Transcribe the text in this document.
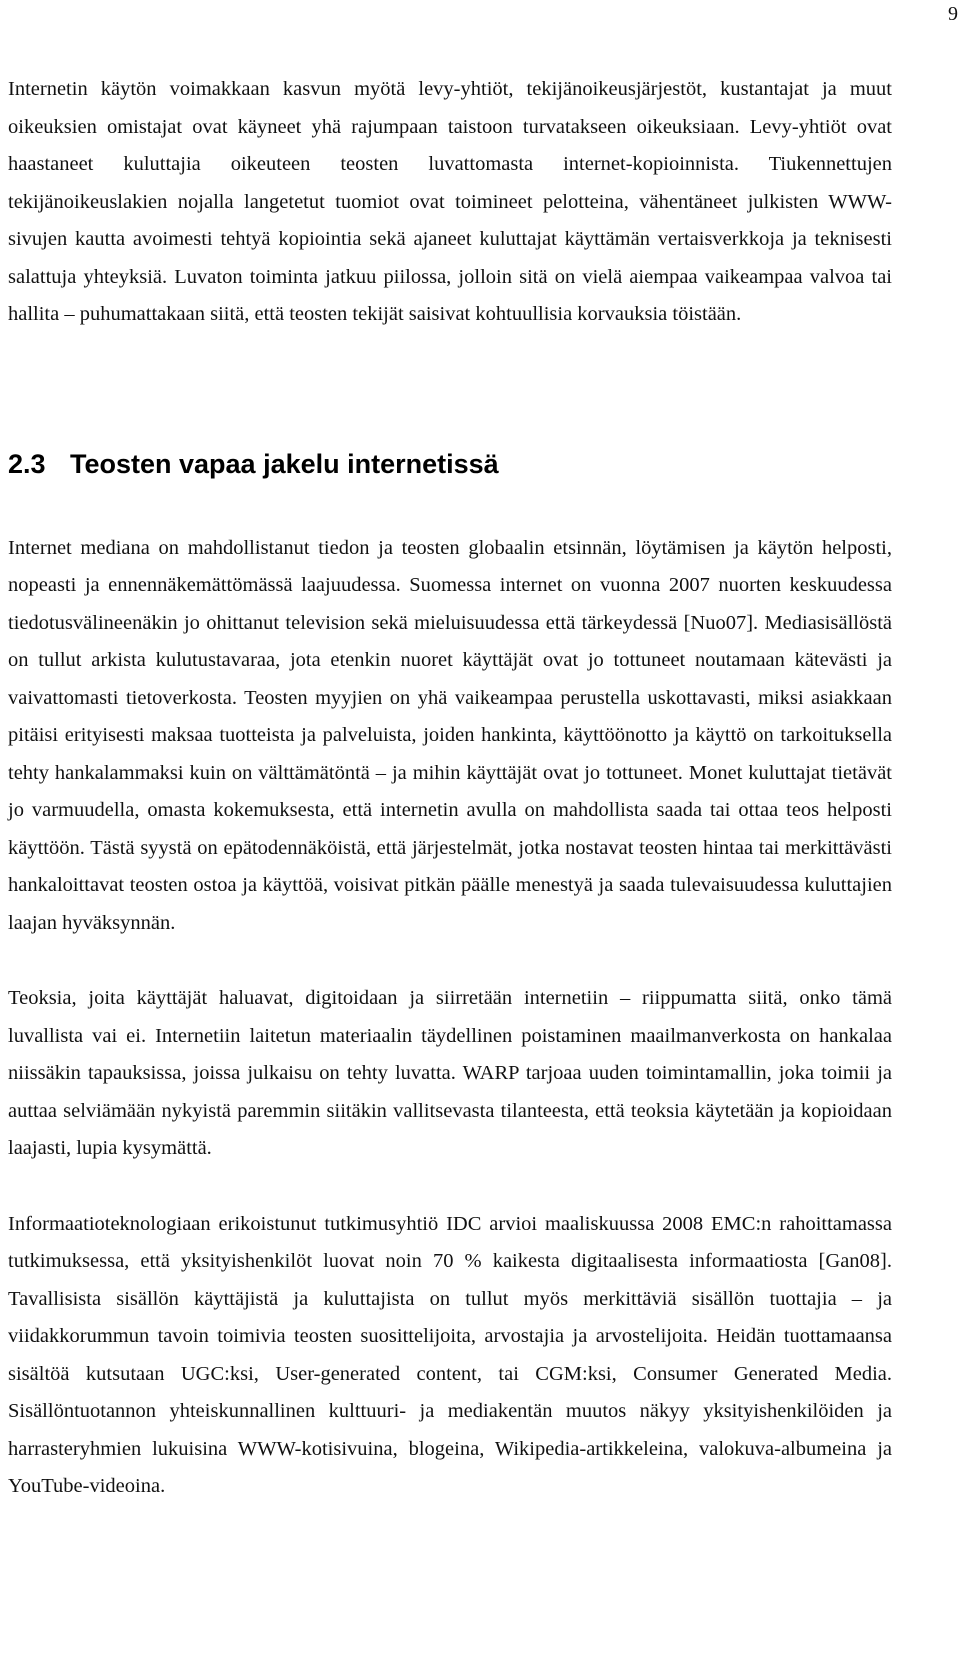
9

Internetin käytön voimakkaan kasvun myötä levy-yhtiöt, tekijänoikeusjärjestöt, kustantajat ja muut oikeuksien omistajat ovat käyneet yhä rajumpaan taistoon turvatakseen oikeuksiaan. Levy-yhtiöt ovat haastaneet kuluttajia oikeuteen teosten luvattomasta internet-kopioinnista. Tiukennettujen tekijänoikeuslakien nojalla langetetut tuomiot ovat toimineet pelotteina, vähentäneet julkisten WWW-sivujen kautta avoimesti tehtyä kopiointia sekä ajaneet kuluttajat käyttämän vertaisverkkoja ja teknisesti salattuja yhteyksiä. Luvaton toiminta jatkuu piilossa, jolloin sitä on vielä aiempaa vaikeampaa valvoa tai hallita – puhumattakaan siitä, että teosten tekijät saisivat kohtuullisia korvauksia töistään.

2.3 Teosten vapaa jakelu internetissä

Internet mediana on mahdollistanut tiedon ja teosten globaalin etsinnän, löytämisen ja käytön helposti, nopeasti ja ennennäkemättömässä laajuudessa. Suomessa internet on vuonna 2007 nuorten keskuudessa tiedotusvälineenäkin jo ohittanut television sekä mieluisuudessa että tärkeydessä [Nuo07]. Mediasisällöstä on tullut arkista kulutustavaraa, jota etenkin nuoret käyttäjät ovat jo tottuneet noutamaan kätevästi ja vaivattomasti tietoverkosta. Teosten myyjien on yhä vaikeampaa perustella uskottavasti, miksi asiakkaan pitäisi erityisesti maksaa tuotteista ja palveluista, joiden hankinta, käyttöönotto ja käyttö on tarkoituksella tehty hankalammaksi kuin on välttämätöntä – ja mihin käyttäjät ovat jo tottuneet. Monet kuluttajat tietävät jo varmuudella, omasta kokemuksesta, että internetin avulla on mahdollista saada tai ottaa teos helposti käyttöön. Tästä syystä on epätodennäköistä, että järjestelmät, jotka nostavat teosten hintaa tai merkittävästi hankaloittavat teosten ostoa ja käyttöä, voisivat pitkän päälle menestyä ja saada tulevaisuudessa kuluttajien laajan hyväksynnän.

Teoksia, joita käyttäjät haluavat, digitoidaan ja siirretään internetiin – riippumatta siitä, onko tämä luvallista vai ei. Internetiin laitetun materiaalin täydellinen poistaminen maailmanverkosta on hankalaa niissäkin tapauksissa, joissa julkaisu on tehty luvatta. WARP tarjoaa uuden toimintamallin, joka toimii ja auttaa selviämään nykyistä paremmin siitäkin vallitsevasta tilanteesta, että teoksia käytetään ja kopioidaan laajasti, lupia kysymättä.

Informaatioteknologiaan erikoistunut tutkimusyhtiö IDC arvioi maaliskuussa 2008 EMC:n rahoittamassa tutkimuksessa, että yksityishenkilöt luovat noin 70 % kaikesta digitaalisesta informaatiosta [Gan08]. Tavallisista sisällön käyttäjistä ja kuluttajista on tullut myös merkittäviä sisällön tuottajia – ja viidakkorummun tavoin toimivia teosten suosittelijoita, arvostajia ja arvostelijoita. Heidän tuottamaansa sisältöä kutsutaan UGC:ksi, User-generated content, tai CGM:ksi, Consumer Generated Media. Sisällöntuotannon yhteiskunnallinen kulttuuri- ja mediakentän muutos näkyy yksityishenkilöiden ja harrasteryhmien lukuisina WWW-kotisivuina, blogeina, Wikipedia-artikkeleina, valokuva-albumeina ja YouTube-videoina.
